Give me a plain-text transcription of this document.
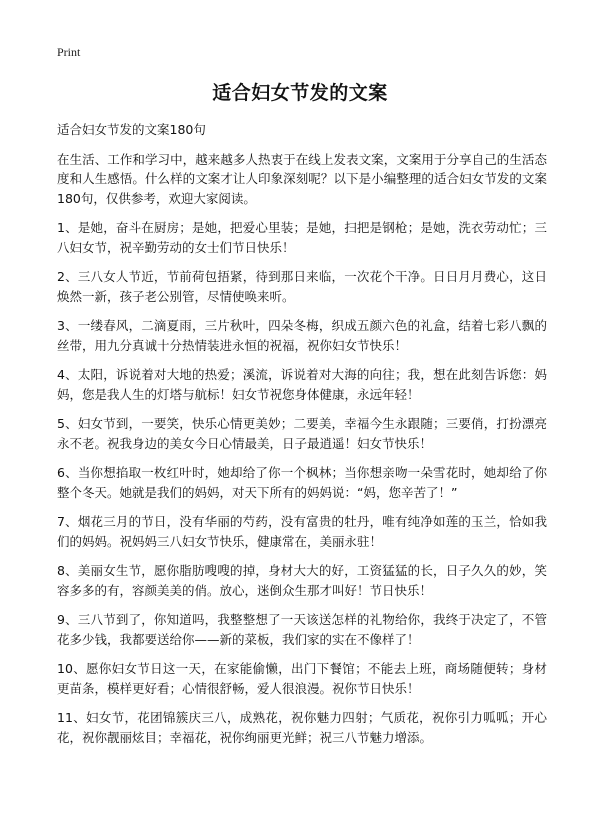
Print
适合妇女节发的文案

适合妇女节发的文案180句

在生活、工作和学习中，越来越多人热衷于在线上发表文案，文案用于分享自己的生活态度和人生感悟。什么样的文案才让人印象深刻呢？以下是小编整理的适合妇女节发的文案180句，仅供参考，欢迎大家阅读。

1、是她，奋斗在厨房；是她，把爱心里装；是她，扫把是钢枪；是她，洗衣劳动忙；三八妇女节，祝辛勤劳动的女士们节日快乐！

2、三八女人节近，节前荷包捂紧，待到那日来临，一次花个干净。日日月月费心，这日焕然一新，孩子老公别管，尽情使唤来听。

3、一缕春风，二滴夏雨，三片秋叶，四朵冬梅，织成五颜六色的礼盒，结着七彩八飘的丝带，用九分真诚十分热情装进永恒的祝福，祝你妇女节快乐！

4、太阳，诉说着对大地的热爱；溪流，诉说着对大海的向往；我，想在此刻告诉您：妈妈，您是我人生的灯塔与航标！妇女节祝您身体健康，永远年轻！

5、妇女节到，一要笑，快乐心情更美妙；二要美，幸福今生永跟随；三要俏，打扮漂亮永不老。祝我身边的美女今日心情最美，日子最逍遥！妇女节快乐！

6、当你想掐取一枚红叶时，她却给了你一个枫林；当你想亲吻一朵雪花时，她却给了你整个冬天。她就是我们的妈妈，对天下所有的妈妈说：“妈，您辛苦了！”

7、烟花三月的节日，没有华丽的芍药，没有富贵的牡丹，唯有纯净如莲的玉兰，恰如我们的妈妈。祝妈妈三八妇女节快乐，健康常在，美丽永驻！

8、美丽女生节，愿你脂肪嗖嗖的掉，身材大大的好，工资猛猛的长，日子久久的妙，笑容多多的有，容颜美美的俏。放心，迷倒众生那才叫好！节日快乐！

9、三八节到了，你知道吗，我整整想了一天该送怎样的礼物给你，我终于决定了，不管花多少钱，我都要送给你——新的菜板，我们家的实在不像样了！

10、愿你妇女节日这一天，在家能偷懒，出门下餐馆；不能去上班，商场随便转；身材更苗条，模样更好看；心情很舒畅，爱人很浪漫。祝你节日快乐！

11、妇女节，花团锦簇庆三八，成熟花，祝你魅力四射；气质花，祝你引力呱呱；开心花，祝你靓丽炫目；幸福花，祝你绚丽更光鲜；祝三八节魅力增添。
